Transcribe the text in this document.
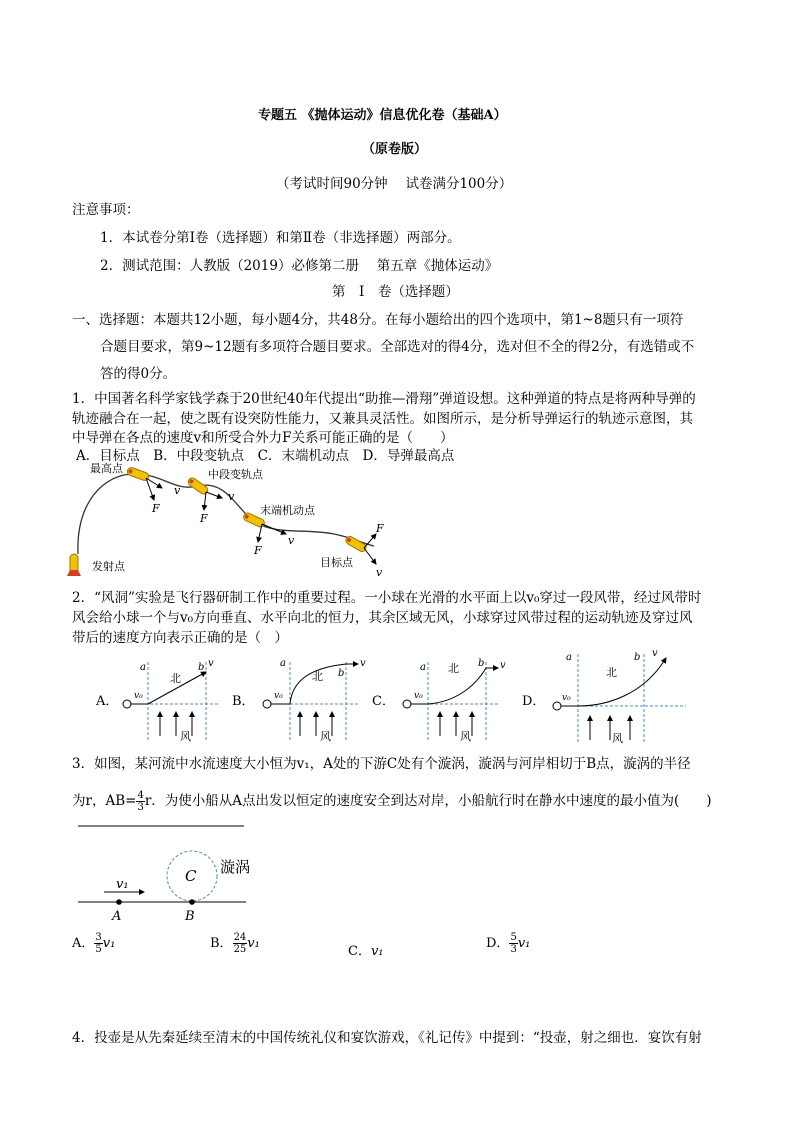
专题五 《抛体运动》信息优化卷（基础A）
（原卷版）
（考试时间90分钟　 试卷满分100分）
注意事项：
1．本试卷分第Ⅰ卷（选择题）和第Ⅱ卷（非选择题）两部分。
2．测试范围：人教版（2019）必修第二册　 第五章《抛体运动》
第　Ⅰ　卷（选择题）
一、选择题：本题共12小题，每小题4分，共48分。在每小题给出的四个选项中，第1~8题只有一项符
合题目要求，第9~12题有多项符合题目要求。全部选对的得4分，选对但不全的得2分，有选错或不
答的得0分。
1．中国著名科学家钱学森于20世纪40年代提出“助推—滑翔”弹道设想。这种弹道的特点是将两种导弹的
轨迹融合在一起，使之既有设突防性能力，又兼具灵活性。如图所示，是分析导弹运行的轨迹示意图，其
中导弹在各点的速度v和所受合外力F关系可能正确的是（　　）
A．目标点　B．中段变轨点　C．末端机动点　D．导弹最高点
最高点	中段变轨点
末端机动点
目标点
发射点
v
F
v
F
v
F
v
F
2．“风洞”实验是飞行器研制工作中的重要过程。一小球在光滑的水平面上以v₀穿过一段风带，经过风带时
风会给小球一个与v₀方向垂直、水平向北的恒力，其余区域无风，小球穿过风带过程的运动轨迹及穿过风
带后的速度方向表示正确的是（　）
A．
a	b
北
风
v₀
v
B．
a
b
北
风
v₀
v
C．
a	b
北
风
v₀
v
D．
a	b
北
风
v₀
v
3．如图，某河流中水流速度大小恒为v₁，A处的下游C处有个漩涡，漩涡与河岸相切于B点，漩涡的半径
为r，$AB= \frac{4}{3}$ r．为使小船从A点出发以恒定的速度安全到达对岸，小船航行时在静水中速度的最小值为(　　)
v₁	C 漩涡
A	B
A． $\frac{3}{5} v_1$	B． $\frac{24}{25} v_1$
C．v₁
D． $\frac{5}{3} v_1$
4．投壶是从先秦延续至清末的中国传统礼仪和宴饮游戏，《礼记传》中提到：“投壶，射之细也．宴饮有射
